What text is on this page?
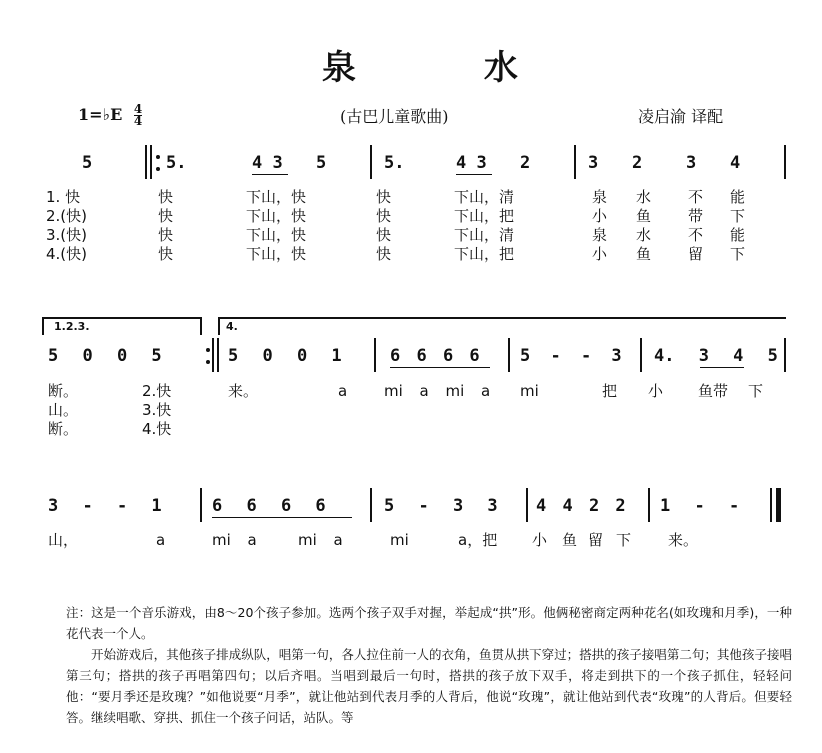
泉 水
1=♭E $\frac{4}{4}$	(古巴儿童歌曲)	凌启渝 译配
5	5.	4 3 5	5.	4 3 2	3 2	3 4
1. 快	快	下山，快	快	下山，清	泉 水 不 能
2.(快)	快	下山，快	快	下山，把	小 鱼 带 下
3.(快)	快	下山，快	快	下山，清	泉 水 不 能
4.(快)	快	下山，快	快	下山，把	小 鱼 留 下
1.2.3.	4.
5 0 0 5	5 0 0 1	6 6 6 6 5 - - 3 4. 3 4 5
断。	2.快	来。	a mi a mi a mi	把 小 鱼带 下
山。	3.快
断。	4.快
3 - - 1	6 6 6 6	5 - 3 3 4 4 2 2 1 - -
山，	a	mi a	mi a	mi	a，把 小 鱼 留 下 来。

注：这是一个音乐游戏，由8～20个孩子参加。选两个孩子双手对握，举起成“拱”形。他俩秘密商定两种花名(如玫瑰和月季)，一种花代表一个人。

开始游戏后，其他孩子排成纵队，唱第一句，各人拉住前一人的衣角，鱼贯从拱下穿过；搭拱的孩子接唱第二句；其他孩子接唱第三句；搭拱的孩子再唱第四句；以后齐唱。当唱到最后一句时，搭拱的孩子放下双手，将走到拱下的一个孩子抓住，轻轻问他：“要月季还是玫瑰？”如他说要“月季”，就让他站到代表月季的人背后，他说“玫瑰”，就让他站到代表“玫瑰”的人背后。但要轻答。继续唱歌、穿拱、抓住一个孩子问话，站队。等
